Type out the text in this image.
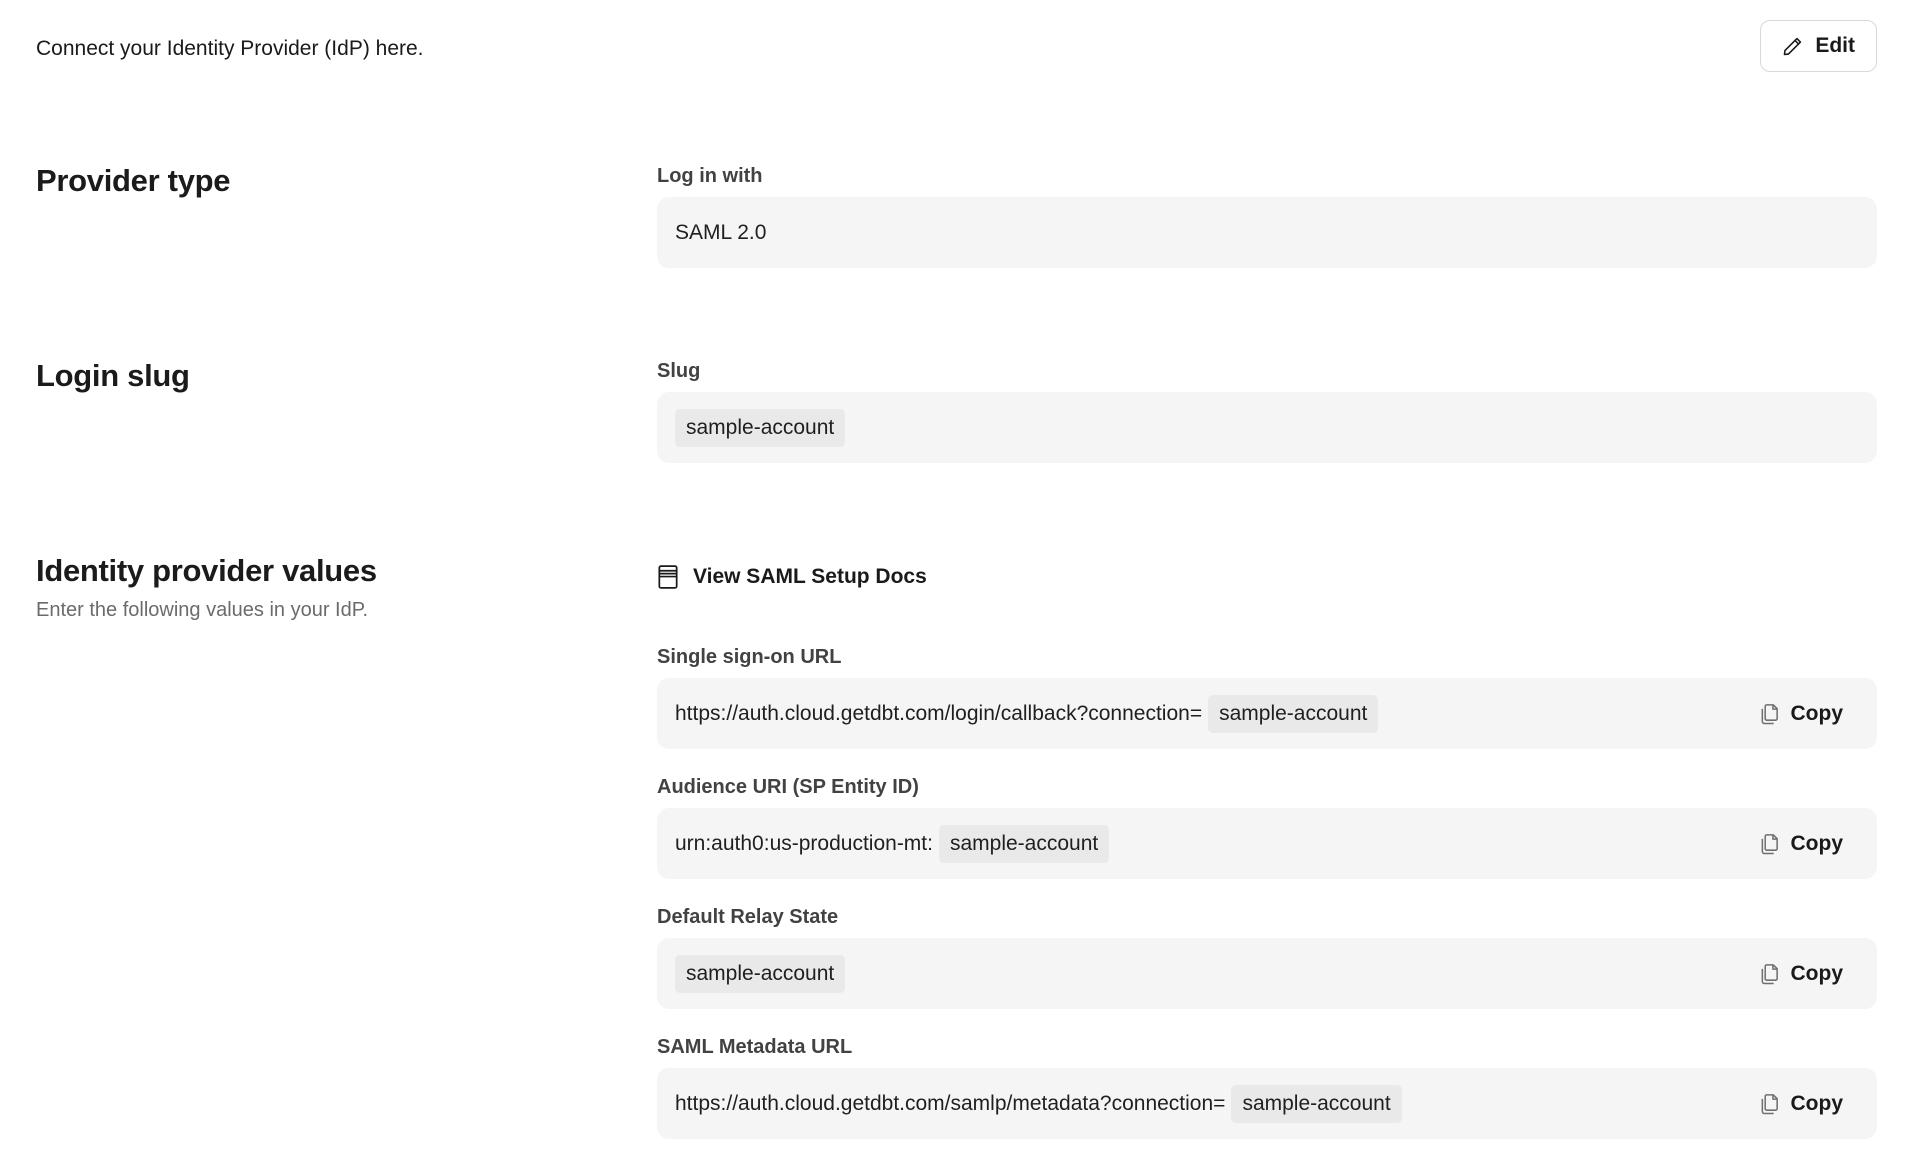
Connect your Identity Provider (IdP) here.	Edit
Provider type	Log in with
SAML 2.0
Login slug	Slug
sample-account
Identity provider values
Enter the following values in your IdP.
View SAML Setup Docs
Single sign-on URL
https://auth.cloud.getdbt.com/login/callback?connection= sample-account	Copy
Audience URI (SP Entity ID)
urn:auth0:us-production-mt: sample-account	Copy
Default Relay State
sample-account	Copy
SAML Metadata URL
https://auth.cloud.getdbt.com/samlp/metadata?connection= sample-account	Copy
